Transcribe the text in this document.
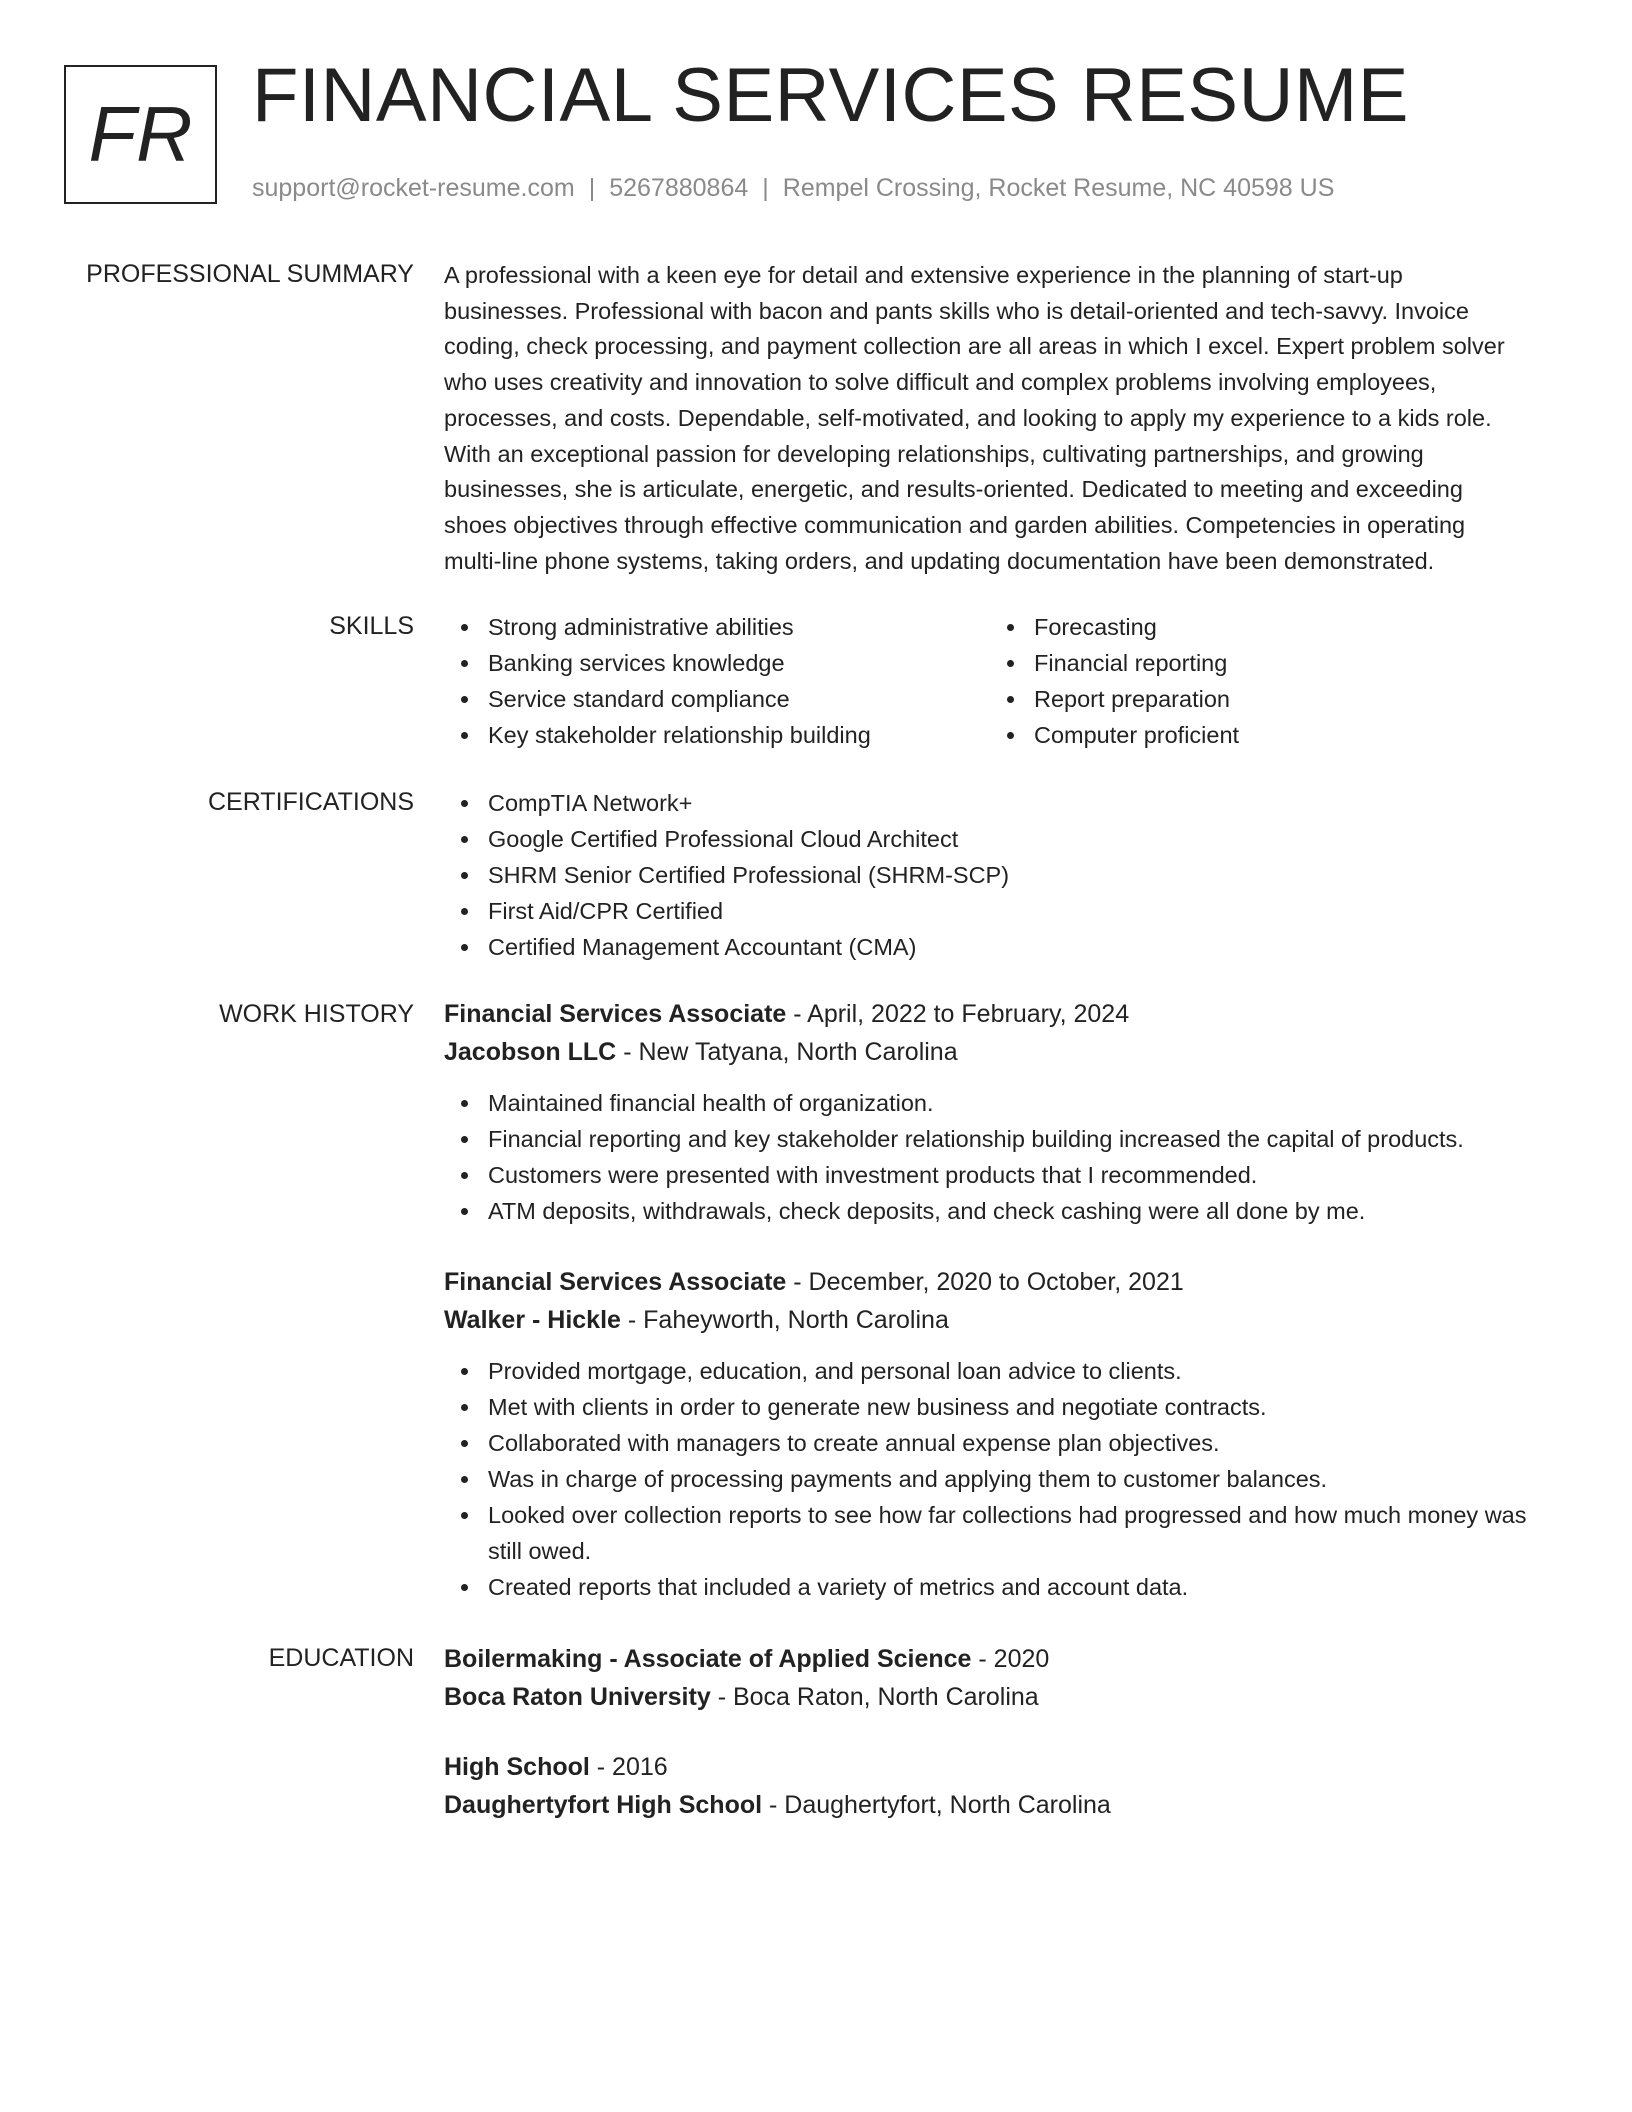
FR FINANCIAL SERVICES RESUME
support@rocket-resume.com | 5267880864 | Rempel Crossing, Rocket Resume, NC 40598 US
PROFESSIONAL SUMMARY A professional with a keen eye for detail and extensive experience in the planning of start-up
businesses. Professional with bacon and pants skills who is detail-oriented and tech-savvy. Invoice
coding, check processing, and payment collection are all areas in which I excel. Expert problem solver
who uses creativity and innovation to solve difficult and complex problems involving employees,
processes, and costs. Dependable, self-motivated, and looking to apply my experience to a kids role.
With an exceptional passion for developing relationships, cultivating partnerships, and growing
businesses, she is articulate, energetic, and results-oriented. Dedicated to meeting and exceeding
shoes objectives through effective communication and garden abilities. Competencies in operating
multi-line phone systems, taking orders, and updating documentation have been demonstrated.

SKILLS	Strong administrative abilities
Banking services knowledge
Service standard compliance
Key stakeholder relationship building
Forecasting
Financial reporting
Report preparation
Computer proficient
CERTIFICATIONS	CompTIA Network+
Google Certified Professional Cloud Architect
SHRM Senior Certified Professional (SHRM-SCP)
First Aid/CPR Certified
Certified Management Accountant (CMA)
WORK HISTORY Financial Services Associate - April, 2022 to February, 2024
Jacobson LLC - New Tatyana, North Carolina
Maintained financial health of organization.
Financial reporting and key stakeholder relationship building increased the capital of products.
Customers were presented with investment products that I recommended.
ATM deposits, withdrawals, check deposits, and check cashing were all done by me.
Financial Services Associate - December, 2020 to October, 2021
Walker - Hickle - Faheyworth, North Carolina
Provided mortgage, education, and personal loan advice to clients.
Met with clients in order to generate new business and negotiate contracts.
Collaborated with managers to create annual expense plan objectives.
Was in charge of processing payments and applying them to customer balances.
Looked over collection reports to see how far collections had progressed and how much money was still owed.
Created reports that included a variety of metrics and account data.
EDUCATION Boilermaking - Associate of Applied Science - 2020
Boca Raton University - Boca Raton, North Carolina
High School - 2016
Daughertyfort High School - Daughertyfort, North Carolina
